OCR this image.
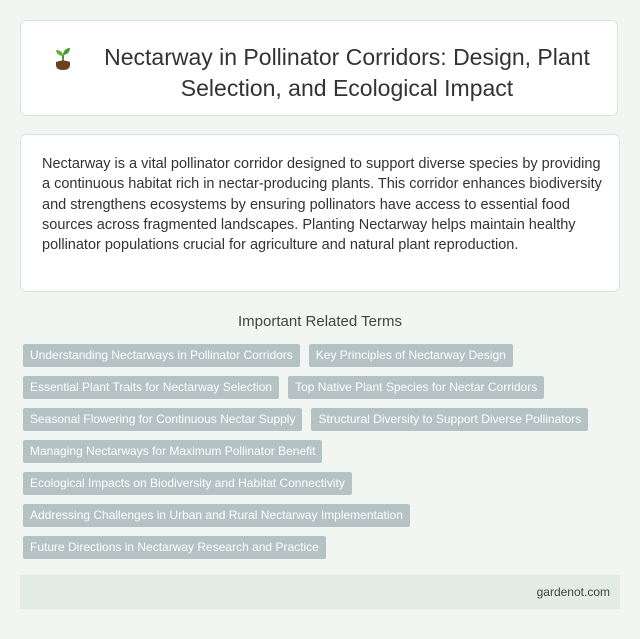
Nectarway in Pollinator Corridors: Design, Plant Selection, and Ecological Impact

Nectarway is a vital pollinator corridor designed to support diverse species by providing a continuous habitat rich in nectar-producing plants. This corridor enhances biodiversity and strengthens ecosystems by ensuring pollinators have access to essential food sources across fragmented landscapes. Planting Nectarway helps maintain healthy pollinator populations crucial for agriculture and natural plant reproduction.

Important Related Terms
Understanding Nectarways in Pollinator Corridors	Key Principles of Nectarway Design
Essential Plant Traits for Nectarway Selection	Top Native Plant Species for Nectar Corridors
Seasonal Flowering for Continuous Nectar Supply	Structural Diversity to Support Diverse Pollinators
Managing Nectarways for Maximum Pollinator Benefit
Ecological Impacts on Biodiversity and Habitat Connectivity
Addressing Challenges in Urban and Rural Nectarway Implementation
Future Directions in Nectarway Research and Practice
gardenot.com
